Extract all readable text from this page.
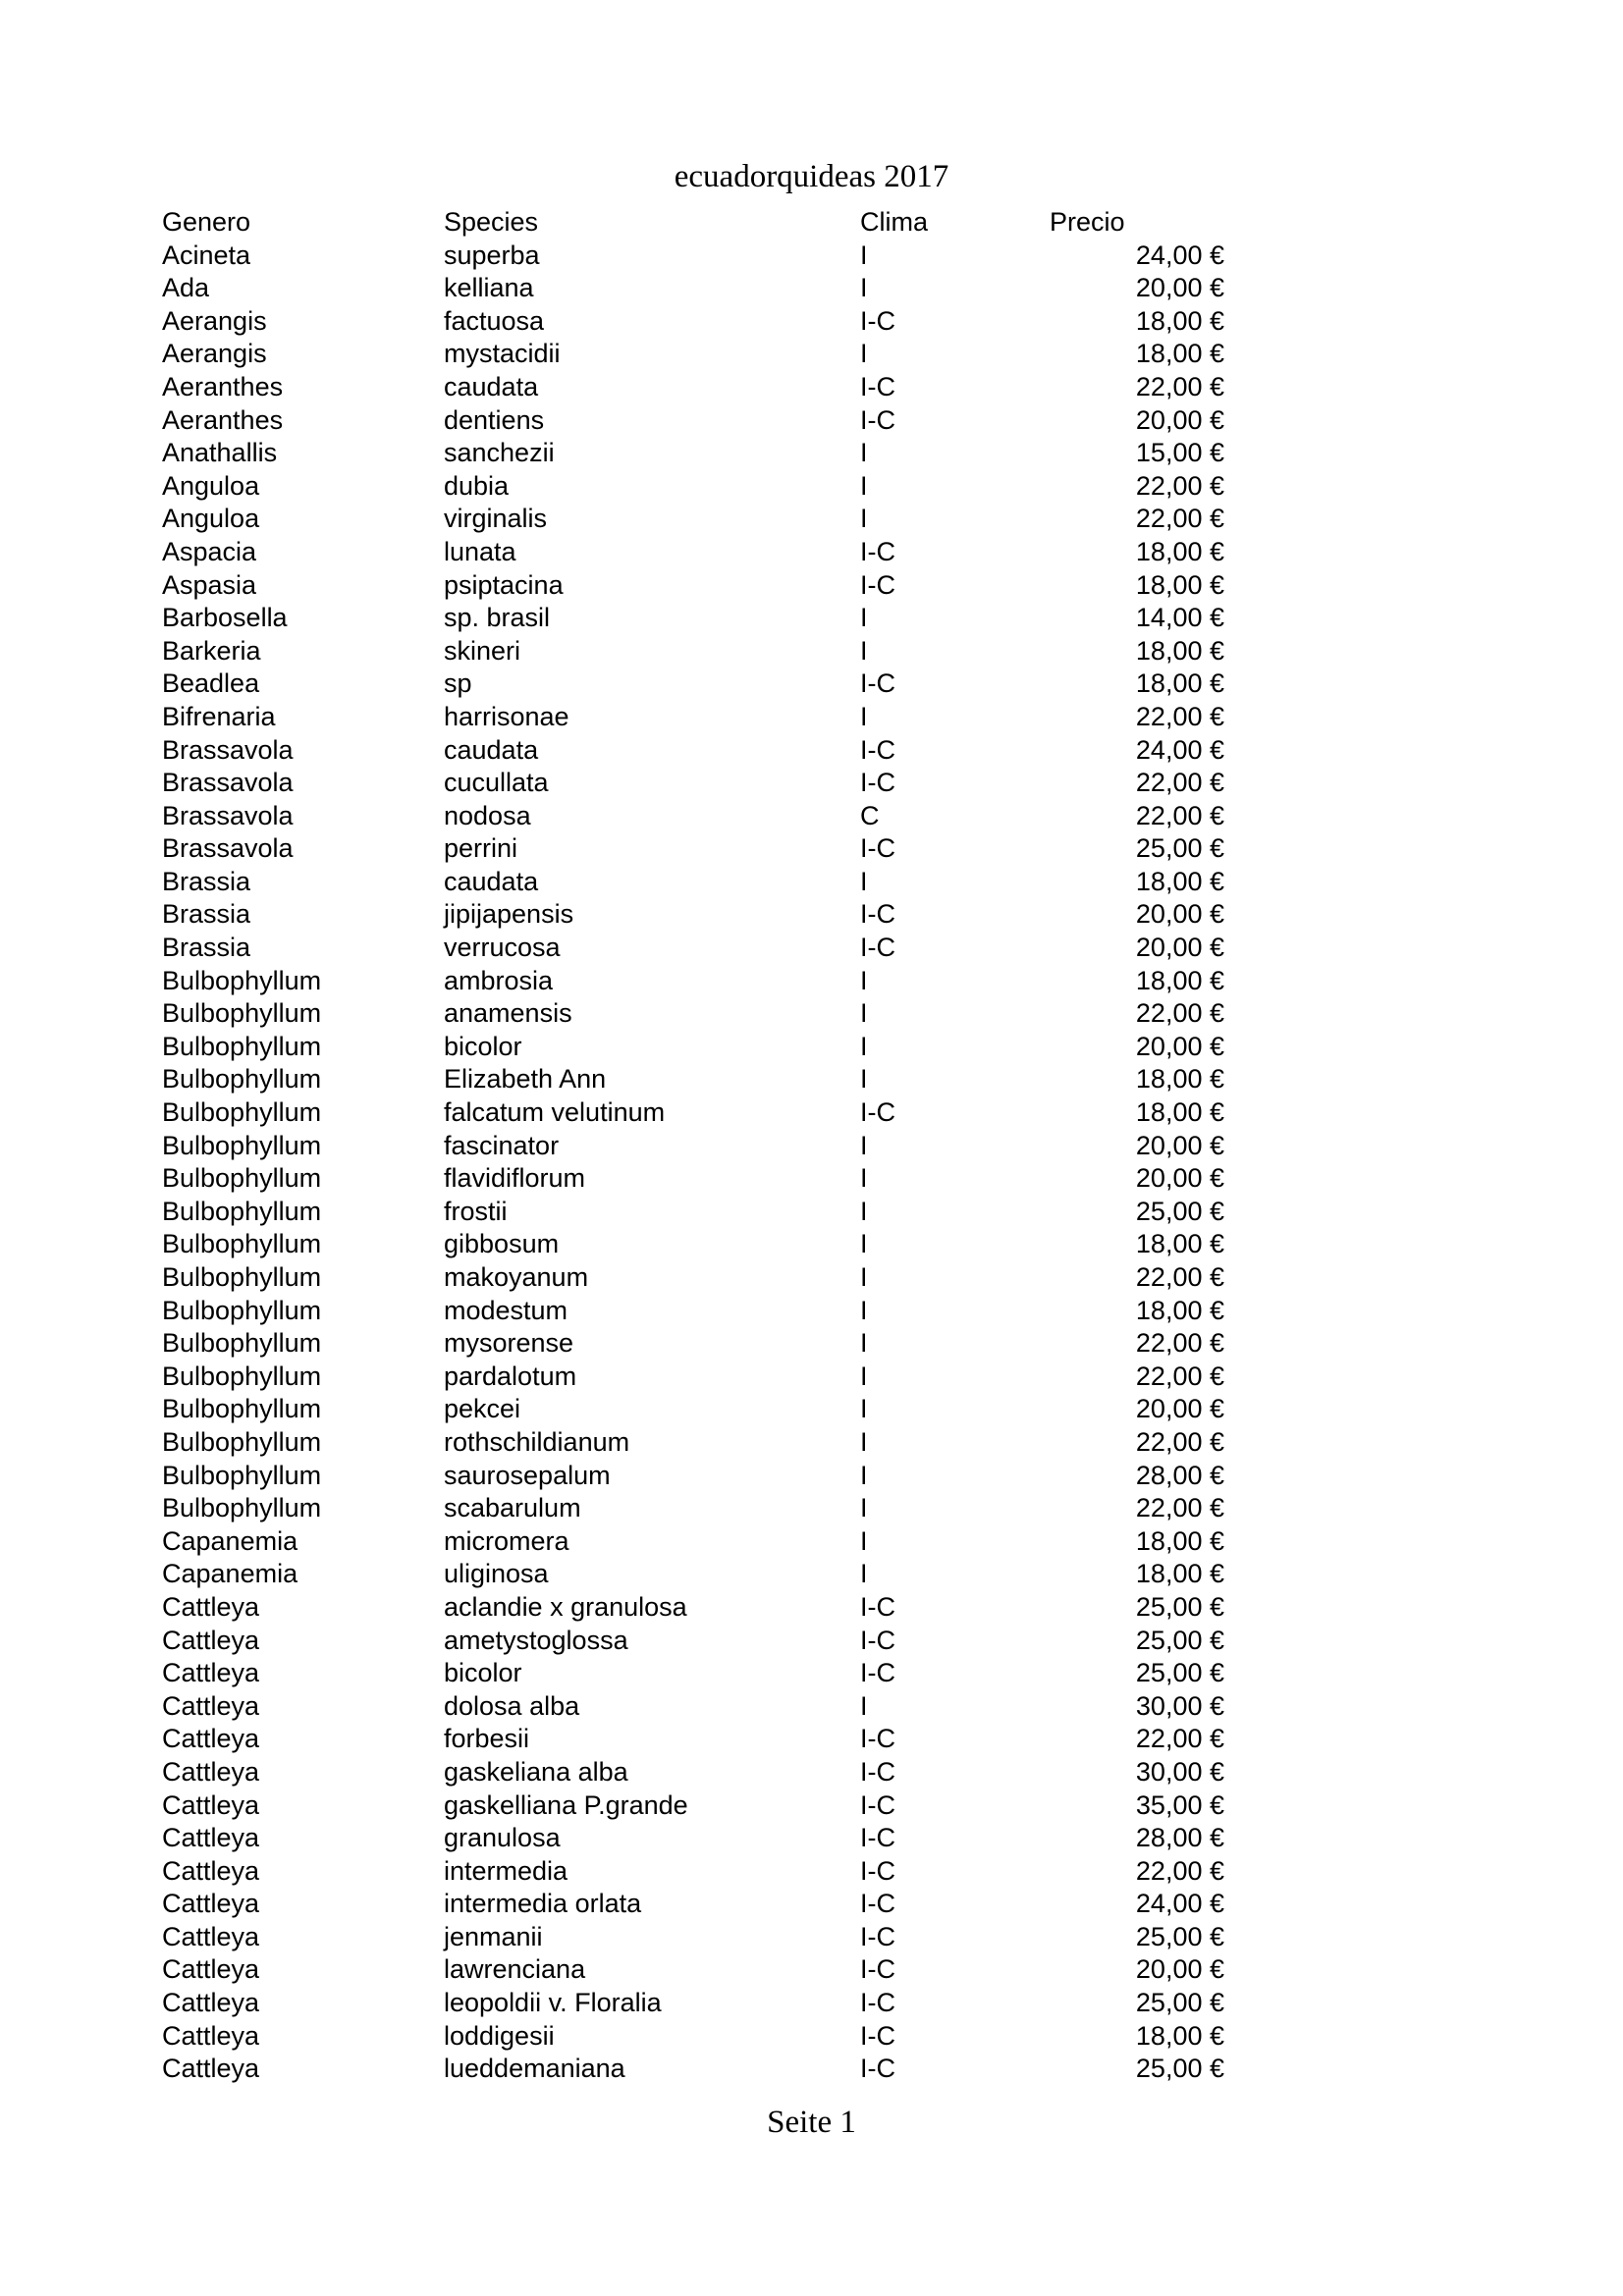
ecuadorquideas 2017
Genero	Species	Clima	Precio
Acineta	superba	I	24,00 €
Ada	kelliana	I	20,00 €
Aerangis	factuosa	I-C	18,00 €
Aerangis	mystacidii	I	18,00 €
Aeranthes	caudata	I-C	22,00 €
Aeranthes	dentiens	I-C	20,00 €
Anathallis	sanchezii	I	15,00 €
Anguloa	dubia	I	22,00 €
Anguloa	virginalis	I	22,00 €
Aspacia	lunata	I-C	18,00 €
Aspasia	psiptacina	I-C	18,00 €
Barbosella	sp. brasil	I	14,00 €
Barkeria	skineri	I	18,00 €
Beadlea	sp	I-C	18,00 €
Bifrenaria	harrisonae	I	22,00 €
Brassavola	caudata	I-C	24,00 €
Brassavola	cucullata	I-C	22,00 €
Brassavola	nodosa	C	22,00 €
Brassavola	perrini	I-C	25,00 €
Brassia	caudata	I	18,00 €
Brassia	jipijapensis	I-C	20,00 €
Brassia	verrucosa	I-C	20,00 €
Bulbophyllum	ambrosia	I	18,00 €
Bulbophyllum	anamensis	I	22,00 €
Bulbophyllum	bicolor	I	20,00 €
Bulbophyllum	Elizabeth Ann	I	18,00 €
Bulbophyllum	falcatum velutinum	I-C	18,00 €
Bulbophyllum	fascinator	I	20,00 €
Bulbophyllum	flavidiflorum	I	20,00 €
Bulbophyllum	frostii	I	25,00 €
Bulbophyllum	gibbosum	I	18,00 €
Bulbophyllum	makoyanum	I	22,00 €
Bulbophyllum	modestum	I	18,00 €
Bulbophyllum	mysorense	I	22,00 €
Bulbophyllum	pardalotum	I	22,00 €
Bulbophyllum	pekcei	I	20,00 €
Bulbophyllum	rothschildianum	I	22,00 €
Bulbophyllum	saurosepalum	I	28,00 €
Bulbophyllum	scabarulum	I	22,00 €
Capanemia	micromera	I	18,00 €
Capanemia	uliginosa	I	18,00 €
Cattleya	aclandie x granulosa	I-C	25,00 €
Cattleya	ametystoglossa	I-C	25,00 €
Cattleya	bicolor	I-C	25,00 €
Cattleya	dolosa alba	I	30,00 €
Cattleya	forbesii	I-C	22,00 €
Cattleya	gaskeliana alba	I-C	30,00 €
Cattleya	gaskelliana P.grande	I-C	35,00 €
Cattleya	granulosa	I-C	28,00 €
Cattleya	intermedia	I-C	22,00 €
Cattleya	intermedia orlata	I-C	24,00 €
Cattleya	jenmanii	I-C	25,00 €
Cattleya	lawrenciana	I-C	20,00 €
Cattleya	leopoldii v. Floralia	I-C	25,00 €
Cattleya	loddigesii	I-C	18,00 €
Cattleya	lueddemaniana	I-C	25,00 €
Seite 1
